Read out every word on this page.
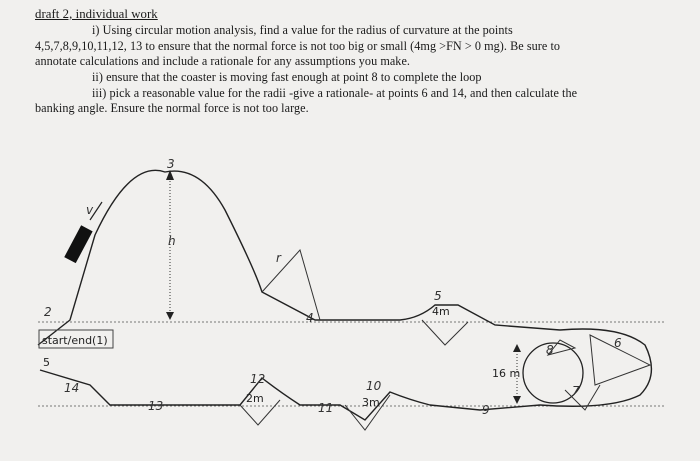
draft 2, individual work
i) Using circular motion analysis, find a value for the radius of curvature at the points
4,5,7,8,9,10,11,12, 13 to ensure that the normal force is not too big or small (4mg >FN > 0 mg). Be sure to
annotate calculations and include a rationale for any assumptions you make.
ii) ensure that the coaster is moving fast enough at point 8 to complete the loop
iii) pick a reasonable value for the radii -give a rationale- at points 6 and 14, and then calculate the
banking angle. Ensure the normal force is not too large.
start/end(1)
h
v
r
4m
2m	3m
16 m
5
2
3
4
5
6
7
8
9
10
11
12
13
14
